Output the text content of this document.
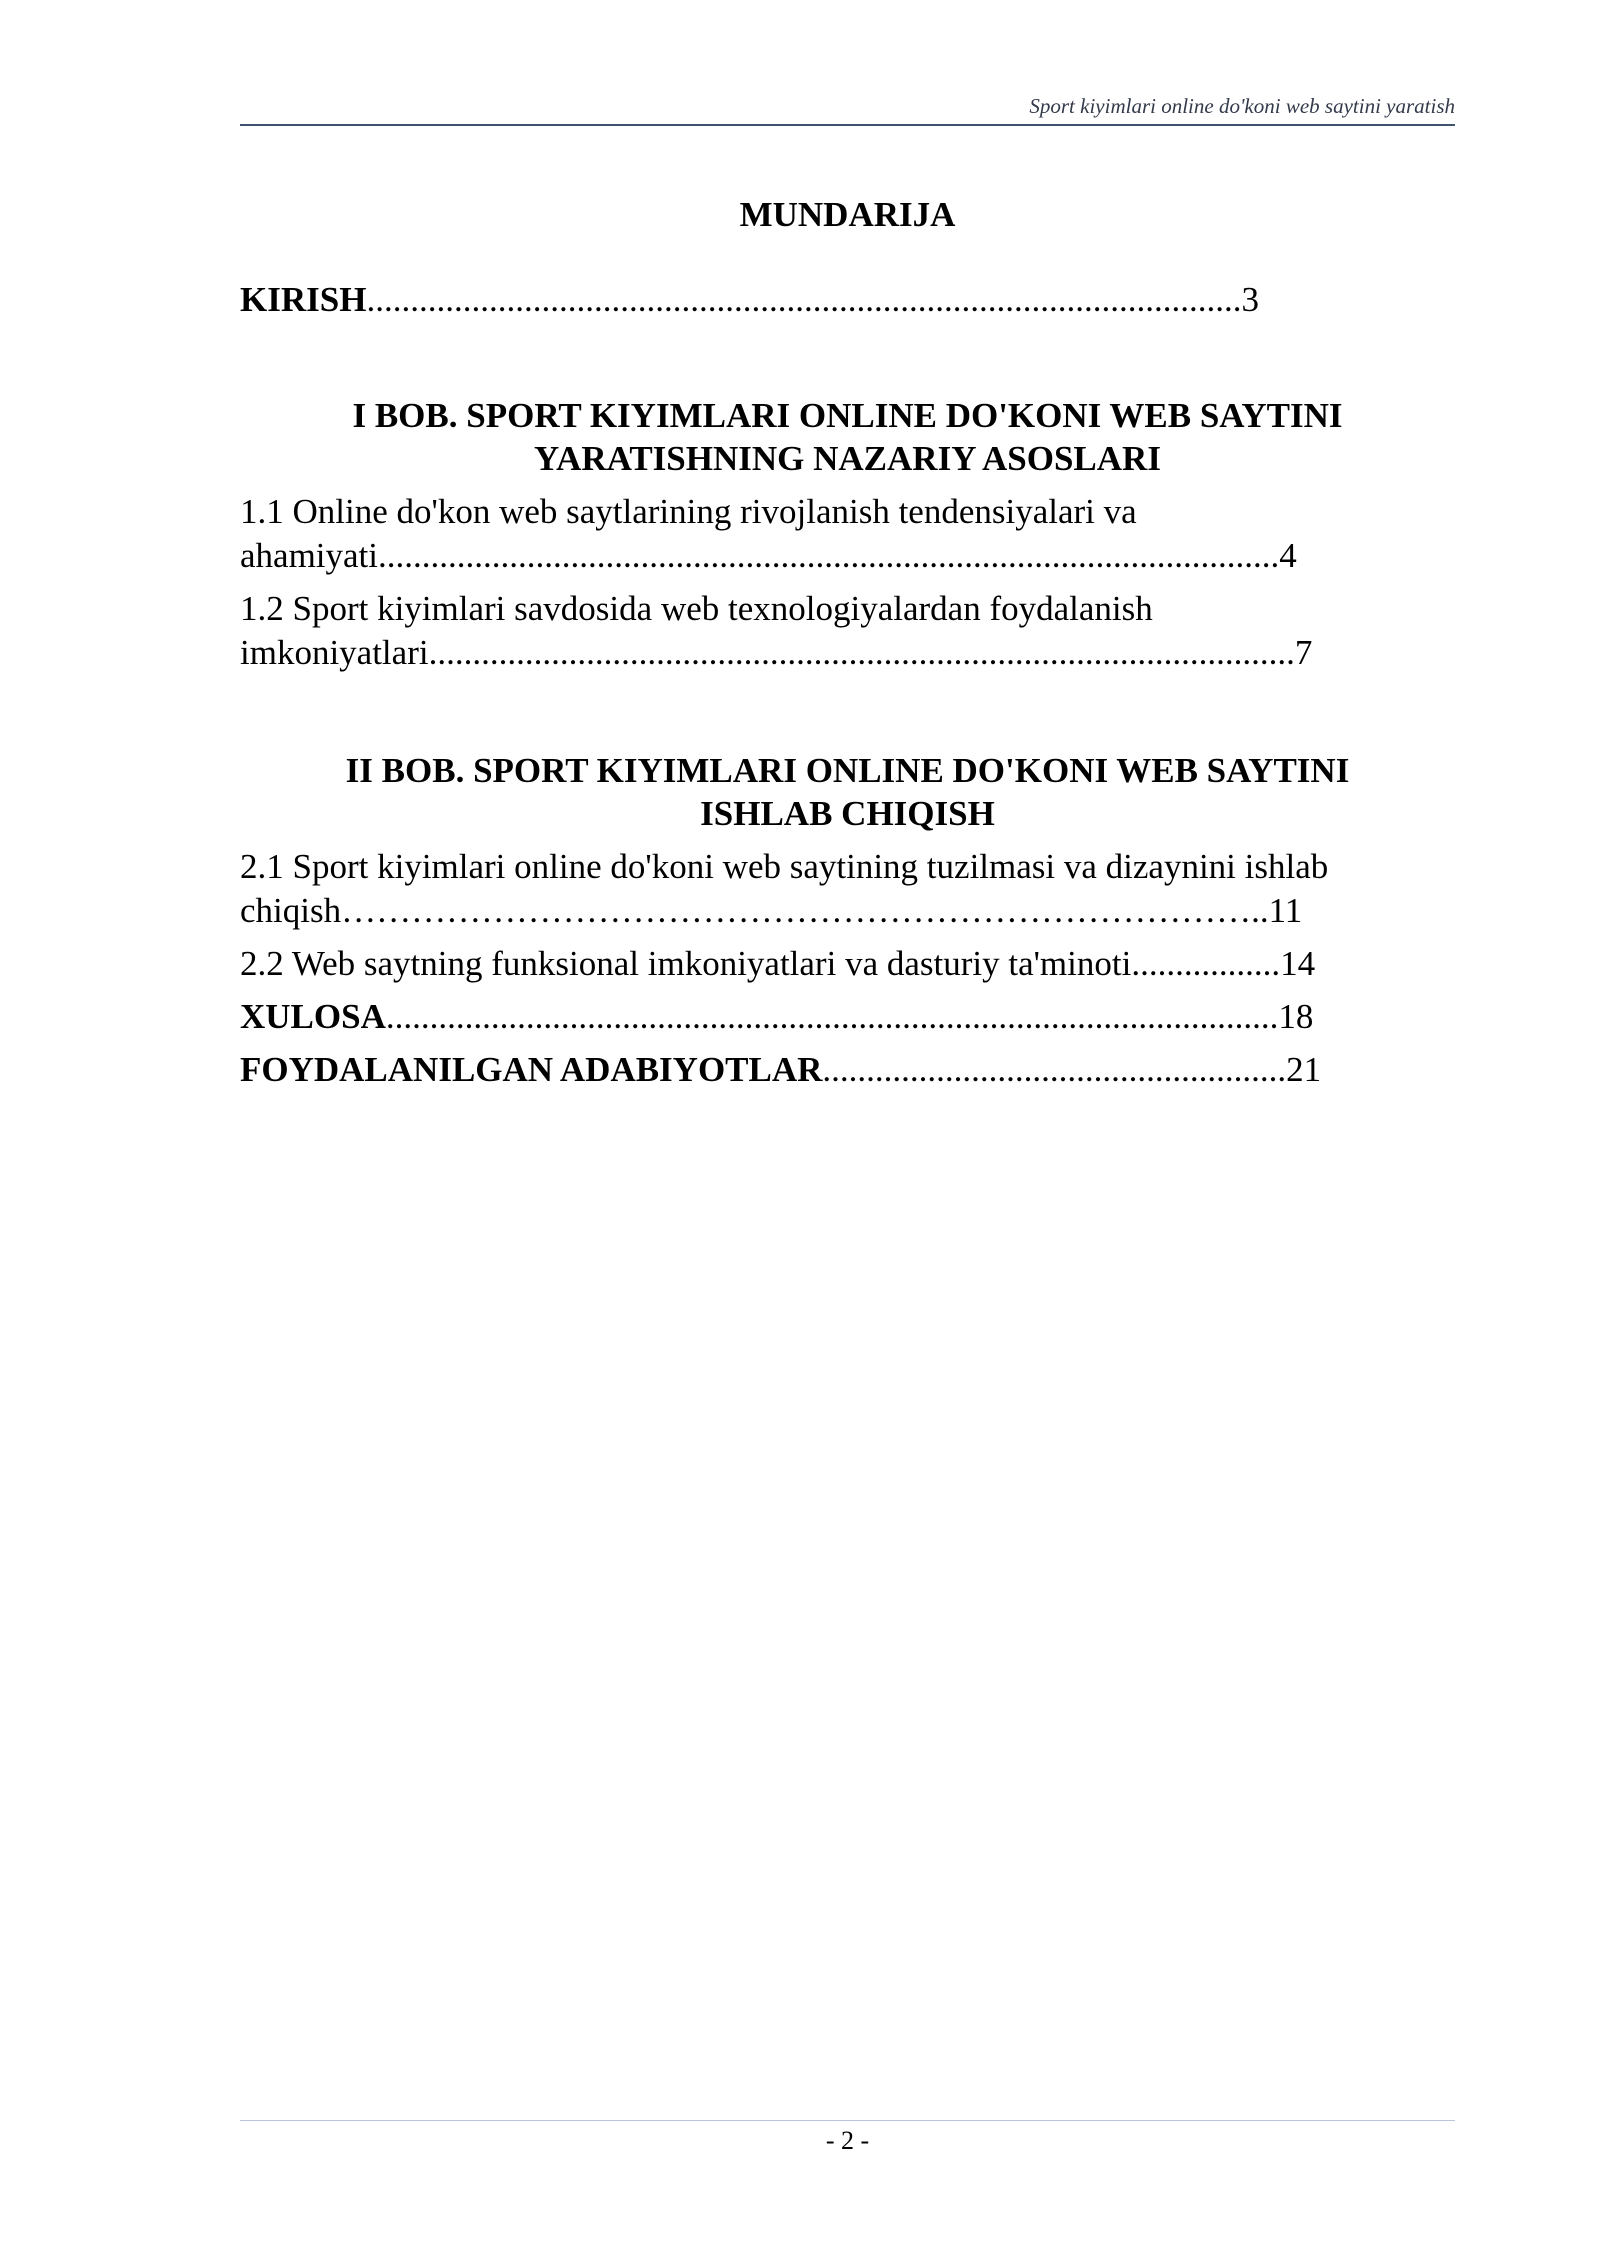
Sport kiyimlari online do'koni web saytini yaratish
MUNDARIJA
KIRISH....................................................................................................3
I BOB. SPORT KIYIMLARI ONLINE DO'KONI WEB SAYTINI
YARATISHNING NAZARIY ASOSLARI
1.1 Online do'kon web saytlarining rivojlanish tendensiyalari va
ahamiyati.......................................................................................................4
1.2 Sport kiyimlari savdosida web texnologiyalardan foydalanish
imkoniyatlari...................................................................................................7
II BOB. SPORT KIYIMLARI ONLINE DO'KONI WEB SAYTINI
ISHLAB CHIQISH
2.1 Sport kiyimlari online do'koni web saytining tuzilmasi va dizaynini ishlab
chiqish……………………………………………………………………..11
2.2 Web saytning funksional imkoniyatlari va dasturiy ta'minoti.................14
XULOSA......................................................................................................18
FOYDALANILGAN ADABIYOTLAR.....................................................21
- 2 -
